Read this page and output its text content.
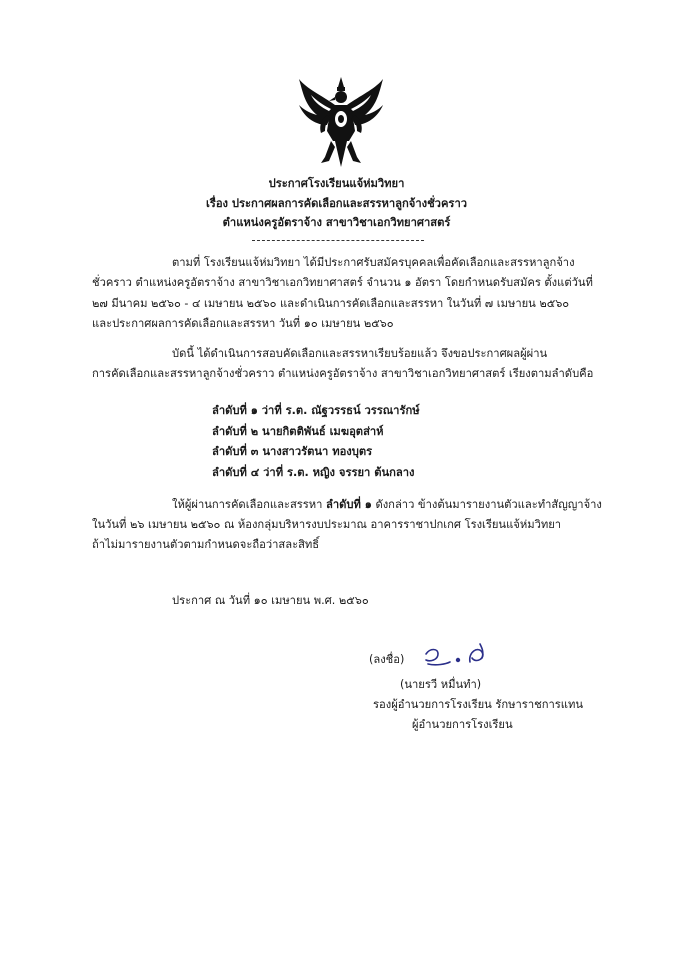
ประกาศโรงเรียนแจ้ห่มวิทยา
เรื่อง ประกาศผลการคัดเลือกและสรรหาลูกจ้างชั่วคราว
ตำแหน่งครูอัตราจ้าง สาขาวิชาเอกวิทยาศาสตร์
ตามที่ โรงเรียนแจ้ห่มวิทยา ได้มีประกาศรับสมัครบุคคลเพื่อคัดเลือกและสรรหาลูกจ้าง
ชั่วคราว ตำแหน่งครูอัตราจ้าง สาขาวิชาเอกวิทยาศาสตร์ จำนวน ๑ อัตรา โดยกำหนดรับสมัคร ตั้งแต่วันที่
๒๗ มีนาคม ๒๕๖๐ - ๔ เมษายน ๒๕๖๐ และดำเนินการคัดเลือกและสรรหา ในวันที่ ๗ เมษายน ๒๕๖๐
และประกาศผลการคัดเลือกและสรรหา วันที่ ๑๐ เมษายน ๒๕๖๐
บัดนี้ ได้ดำเนินการสอบคัดเลือกและสรรหาเรียบร้อยแล้ว จึงขอประกาศผลผู้ผ่าน
การคัดเลือกและสรรหาลูกจ้างชั่วคราว ตำแหน่งครูอัตราจ้าง สาขาวิชาเอกวิทยาศาสตร์ เรียงตามลำดับคือ
ลำดับที่ ๑ ว่าที่ ร.ต. ณัฐวรรธน์ วรรณารักษ์
ลำดับที่ ๒ นายกิตติพันธ์ เมฆอุตส่าห์
ลำดับที่ ๓ นางสาวรัตนา ทองบุตร
ลำดับที่ ๔ ว่าที่ ร.ต. หญิง จรรยา ต้นกลาง
ให้ผู้ผ่านการคัดเลือกและสรรหา ลำดับที่ ๑ ดังกล่าว ข้างต้นมารายงานตัวและทำสัญญาจ้าง
ในวันที่ ๒๖ เมษายน ๒๕๖๐ ณ ห้องกลุ่มบริหารงบประมาณ อาคารราชาปกเกศ โรงเรียนแจ้ห่มวิทยา
ถ้าไม่มารายงานตัวตามกำหนดจะถือว่าสละสิทธิ์
ประกาศ ณ วันที่ ๑๐ เมษายน พ.ศ. ๒๕๖๐
(ลงชื่อ)
(นายรวี หมื่นทำ)
รองผู้อำนวยการโรงเรียน รักษาราชการแทน
ผู้อำนวยการโรงเรียน
